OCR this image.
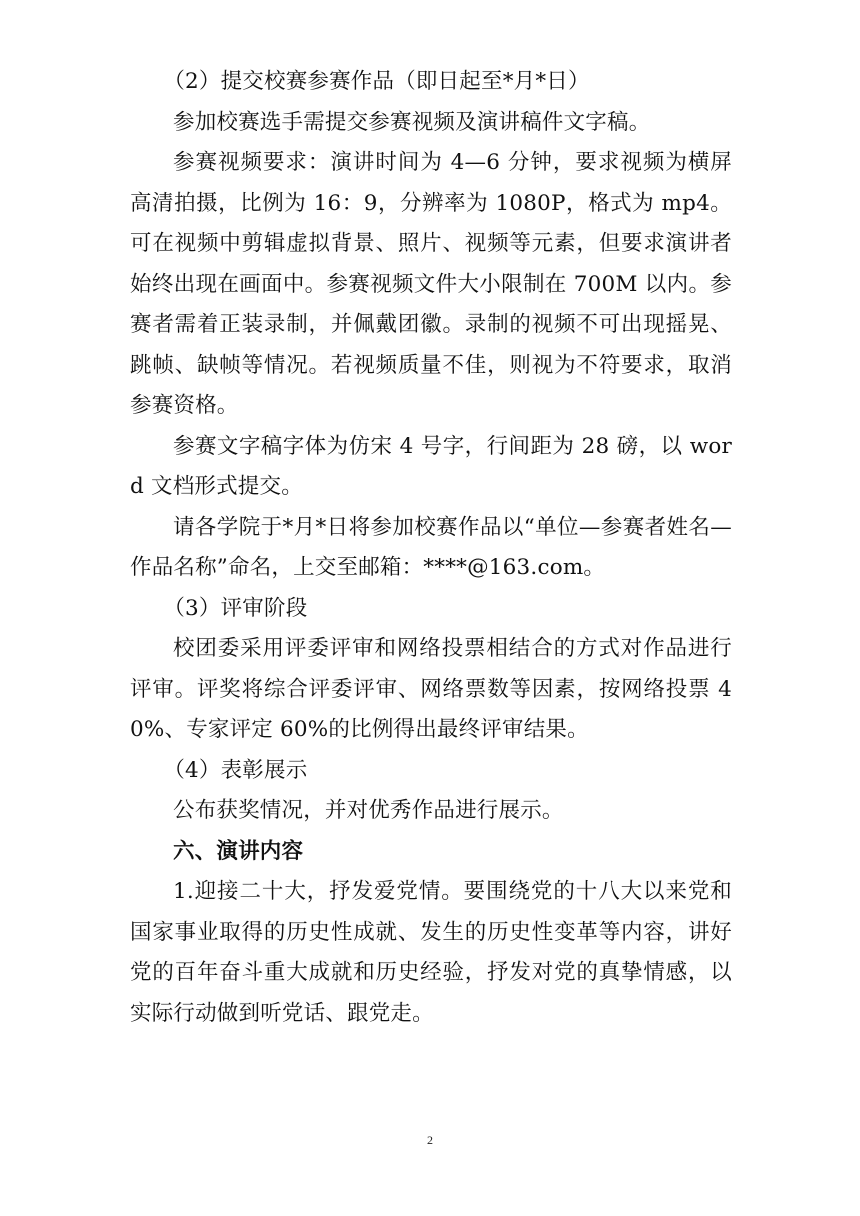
（2）提交校赛参赛作品（即日起至*月*日）

参加校赛选手需提交参赛视频及演讲稿件文字稿。

参赛视频要求：演讲时间为 4—6 分钟，要求视频为横屏高清拍摄，比例为 16：9，分辨率为 1080P，格式为 mp4。可在视频中剪辑虚拟背景、照片、视频等元素，但要求演讲者始终出现在画面中。参赛视频文件大小限制在 700M 以内。参赛者需着正装录制，并佩戴团徽。录制的视频不可出现摇晃、跳帧、缺帧等情况。若视频质量不佳，则视为不符要求，取消参赛资格。

参赛文字稿字体为仿宋 4 号字，行间距为 28 磅，以 word 文档形式提交。

请各学院于*月*日将参加校赛作品以“单位—参赛者姓名—作品名称”命名，上交至邮箱：****@163.com。

（3）评审阶段

校团委采用评委评审和网络投票相结合的方式对作品进行评审。评奖将综合评委评审、网络票数等因素，按网络投票 40%、专家评定 60%的比例得出最终评审结果。

（4）表彰展示

公布获奖情况，并对优秀作品进行展示。

六、演讲内容

1.迎接二十大，抒发爱党情。要围绕党的十八大以来党和国家事业取得的历史性成就、发生的历史性变革等内容，讲好党的百年奋斗重大成就和历史经验，抒发对党的真挚情感，以实际行动做到听党话、跟党走。

2
